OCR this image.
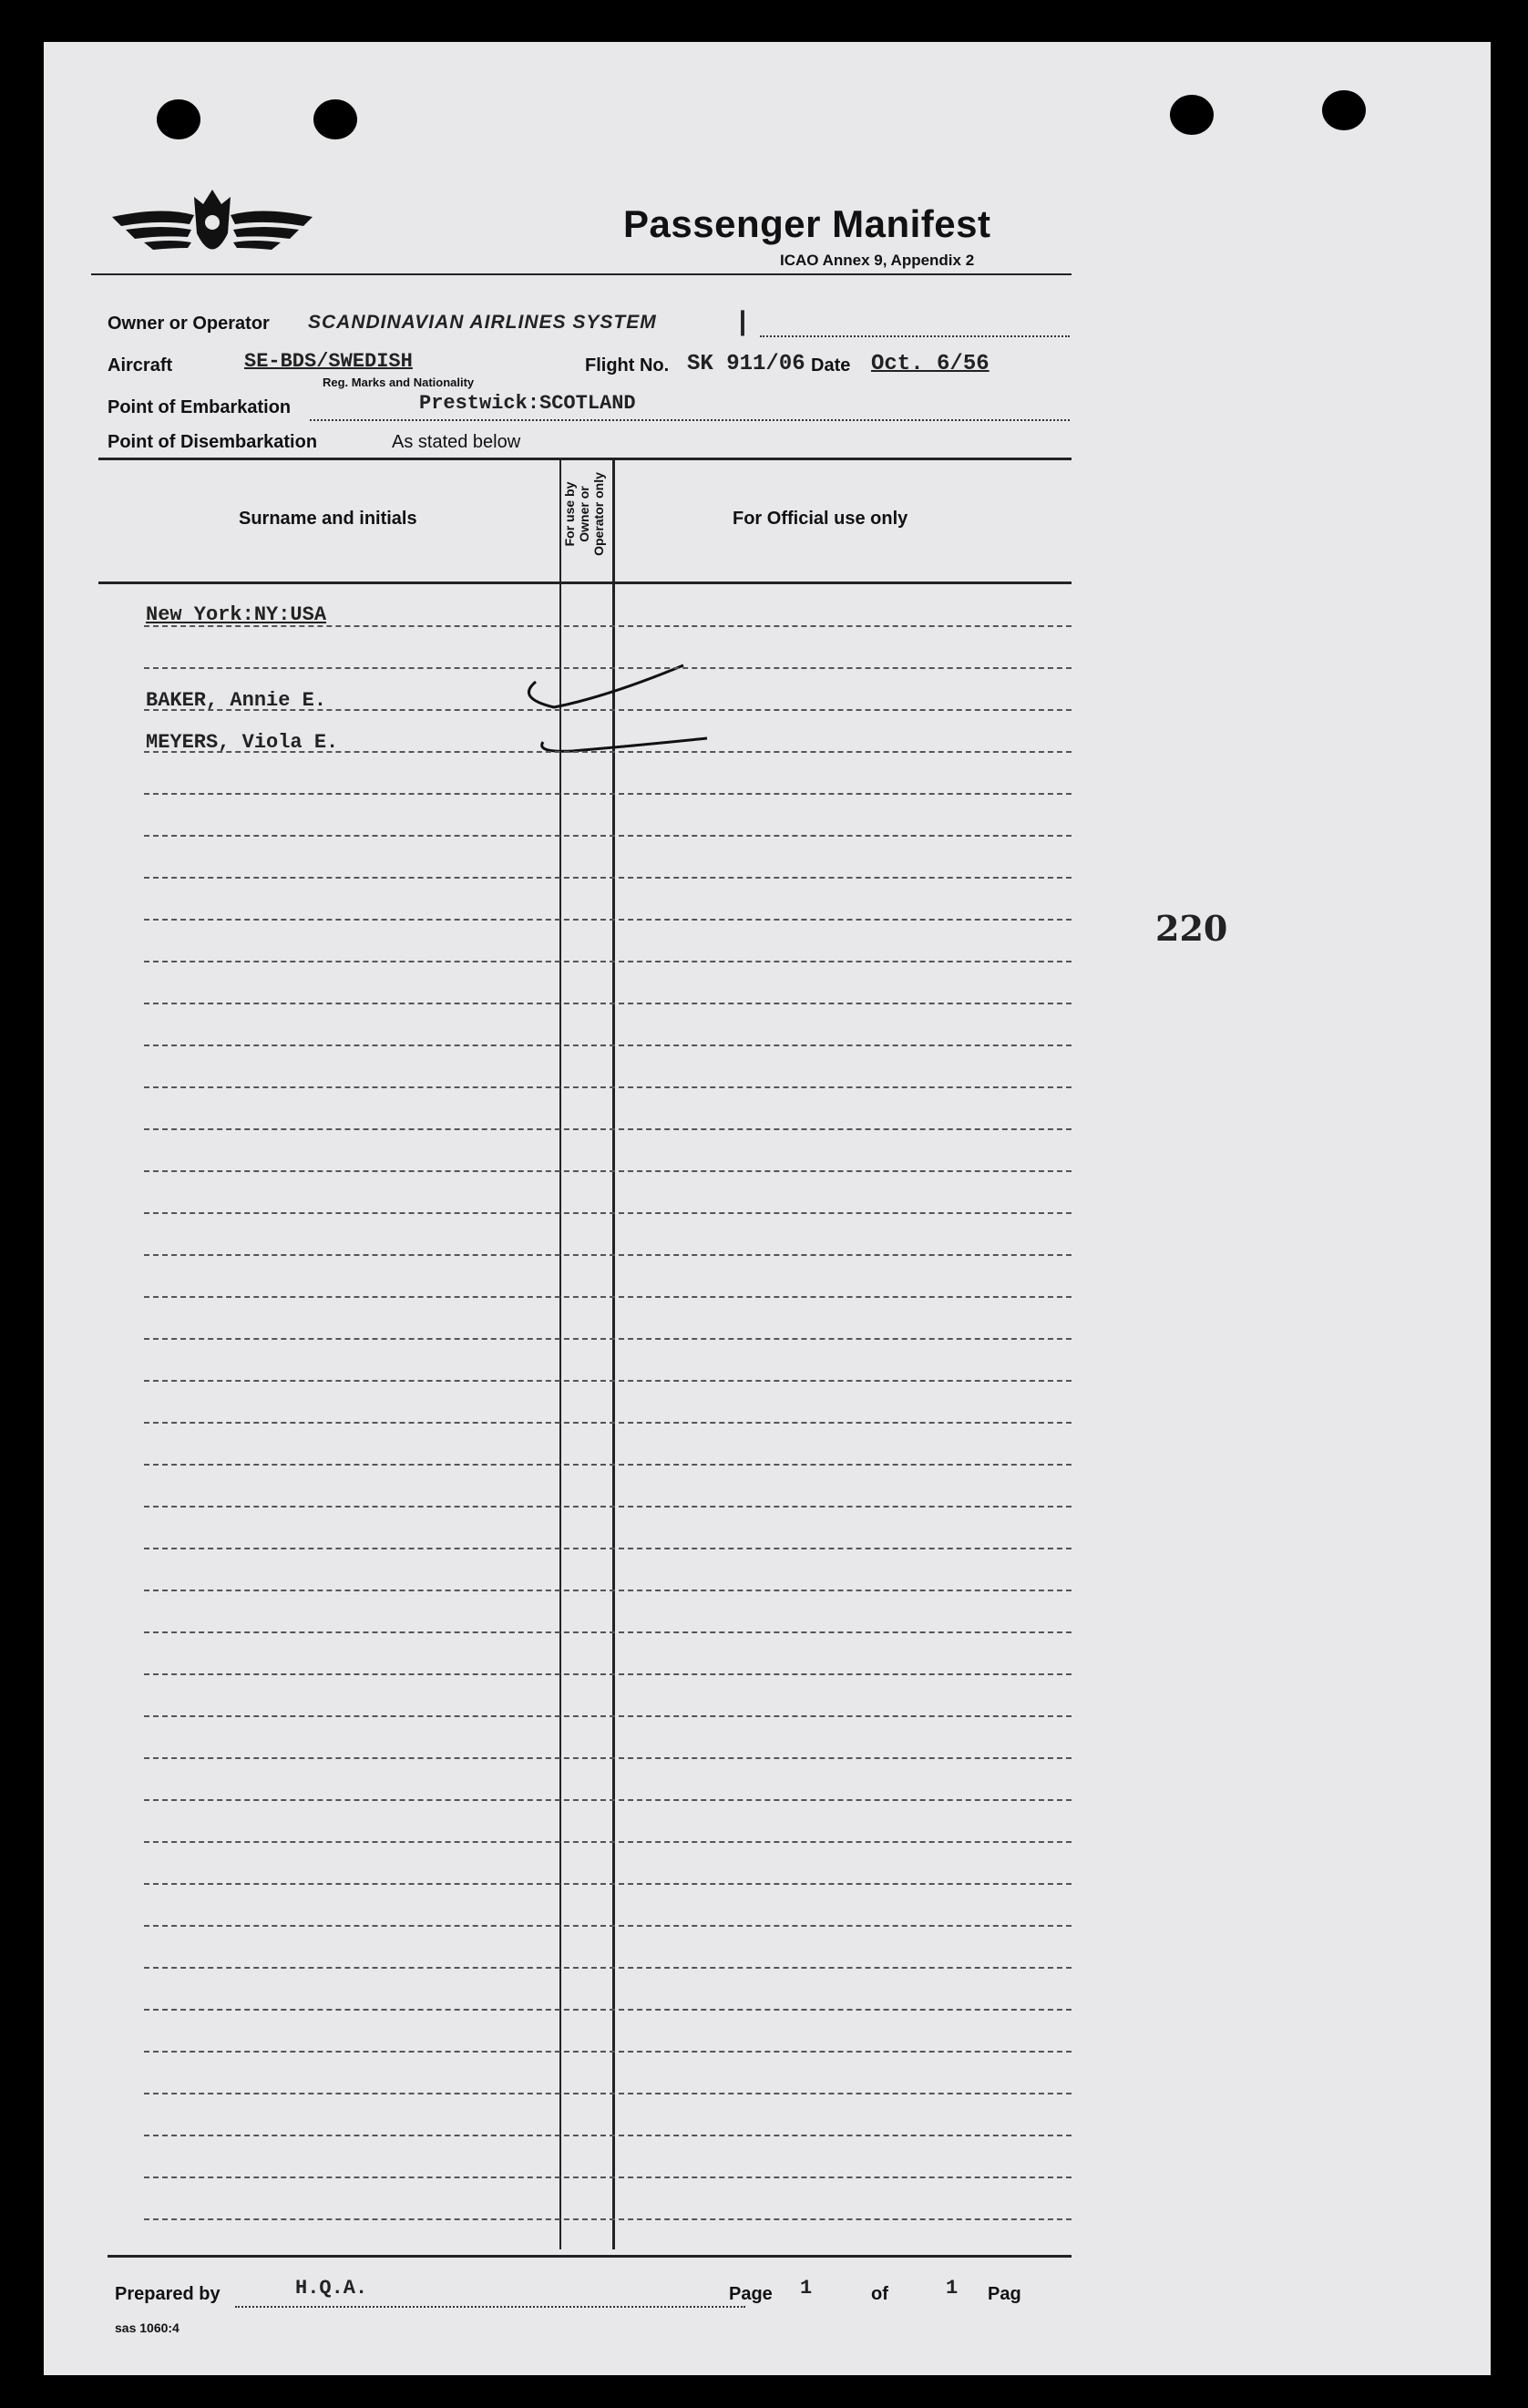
Passenger Manifest
ICAO Annex 9, Appendix 2
Owner or Operator SCANDINAVIAN AIRLINES SYSTEM	|
Aircraft	SE-BDS/SWEDISH
Reg. Marks and Nationality
Flight No. SK 911/06 Date Oct. 6/56
Point of Embarkation	Prestwick:SCOTLAND
Point of Disembarkation	As stated below
Surname and initials	For use by Owner or Operator only	For Official use only
New York:NY:USA
BAKER, Annie E.
MEYERS, Viola E.
Prepared by	H.Q.A.	Page 1	of	1 Pag
sas 1060:4
220
